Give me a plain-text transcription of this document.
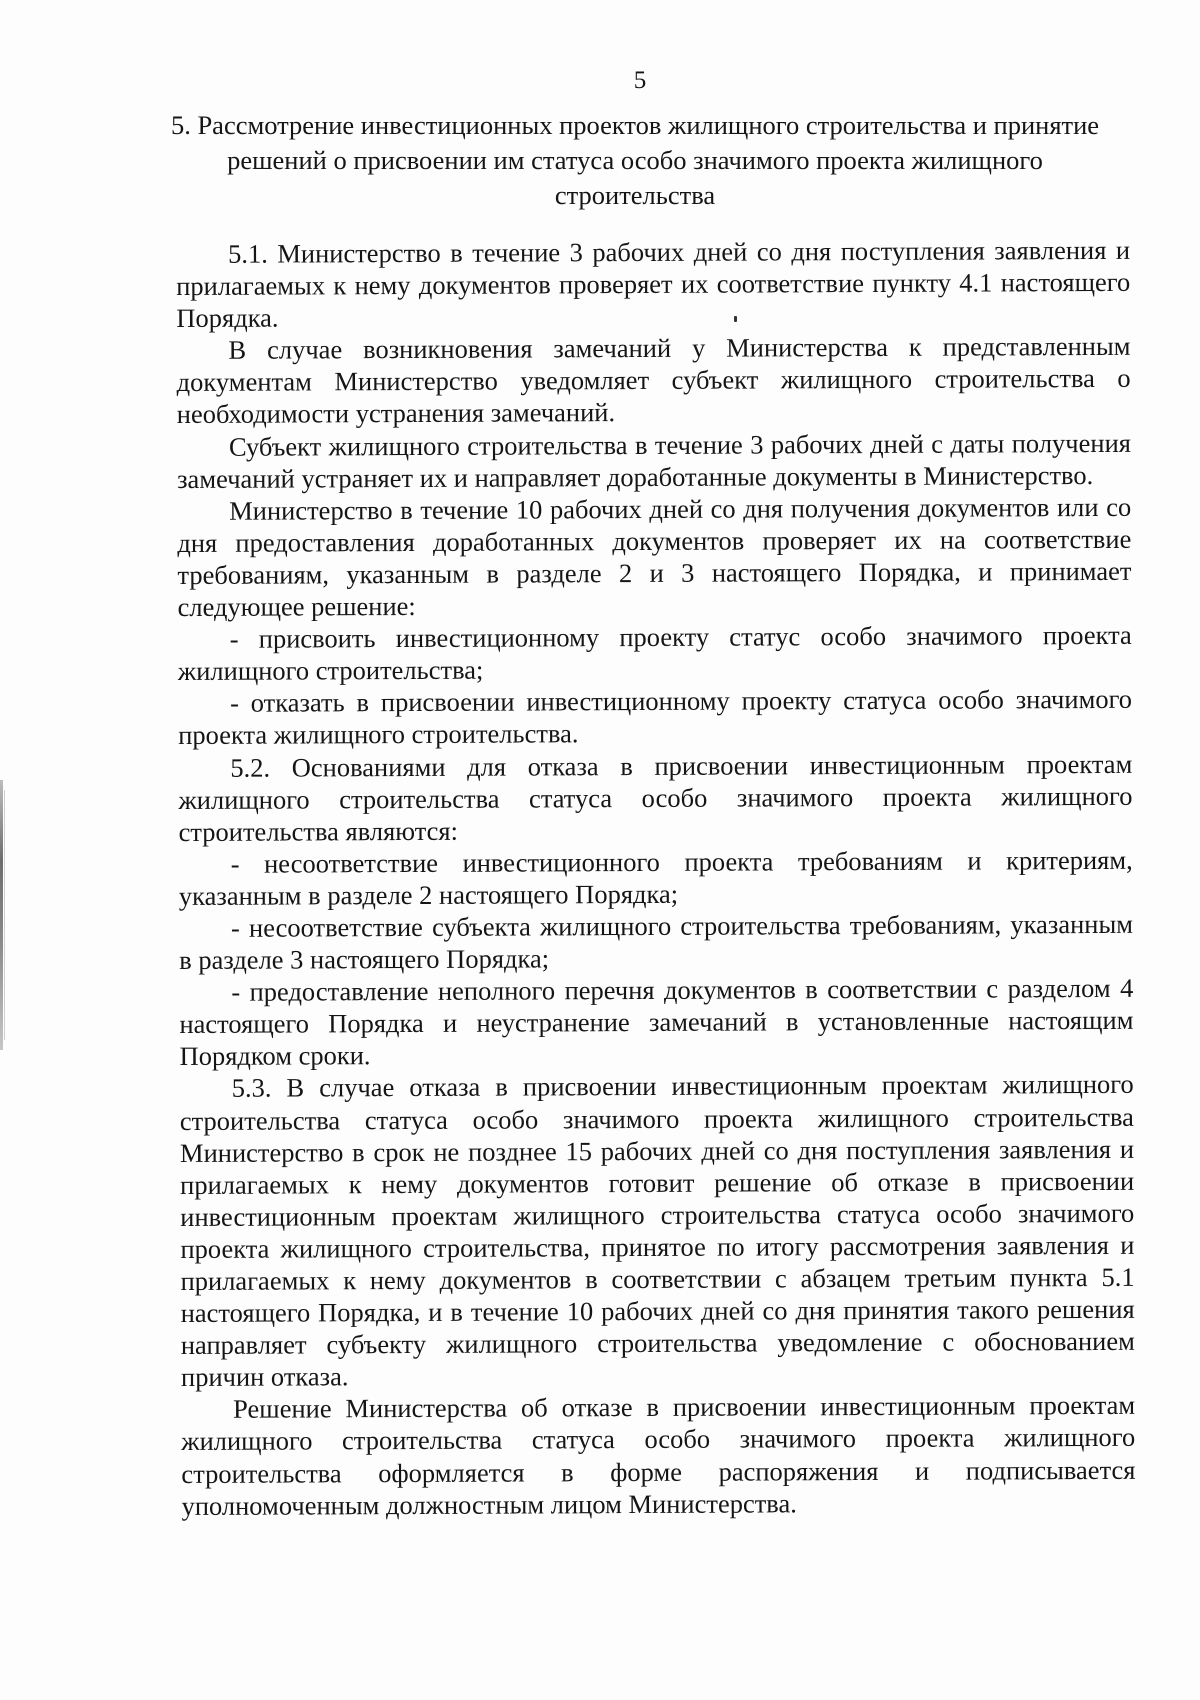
5
5. Рассмотрение инвестиционных проектов жилищного строительства и принятие решений о присвоении им статуса особо значимого проекта жилищного строительства

5.1. Министерство в течение 3 рабочих дней со дня поступления заявления и прилагаемых к нему документов проверяет их соответствие пункту 4.1 настоящего Порядка.

В случае возникновения замечаний у Министерства к представленным документам Министерство уведомляет субъект жилищного строительства о необходимости устранения замечаний.

Субъект жилищного строительства в течение 3 рабочих дней с даты получения замечаний устраняет их и направляет доработанные документы в Министерство.

Министерство в течение 10 рабочих дней со дня получения документов или со дня предоставления доработанных документов проверяет их на соответствие требованиям, указанным в разделе 2 и 3 настоящего Порядка, и принимает следующее решение:

- присвоить инвестиционному проекту статус особо значимого проекта жилищного строительства;

- отказать в присвоении инвестиционному проекту статуса особо значимого проекта жилищного строительства.

5.2. Основаниями для отказа в присвоении инвестиционным проектам жилищного строительства статуса особо значимого проекта жилищного строительства являются:

- несоответствие инвестиционного проекта требованиям и критериям, указанным в разделе 2 настоящего Порядка;

- несоответствие субъекта жилищного строительства требованиям, указанным в разделе 3 настоящего Порядка;

- предоставление неполного перечня документов в соответствии с разделом 4 настоящего Порядка и неустранение замечаний в установленные настоящим Порядком сроки.

5.3. В случае отказа в присвоении инвестиционным проектам жилищного строительства статуса особо значимого проекта жилищного строительства Министерство в срок не позднее 15 рабочих дней со дня поступления заявления и прилагаемых к нему документов готовит решение об отказе в присвоении инвестиционным проектам жилищного строительства статуса особо значимого проекта жилищного строительства, принятое по итогу рассмотрения заявления и прилагаемых к нему документов в соответствии с абзацем третьим пункта 5.1 настоящего Порядка, и в течение 10 рабочих дней со дня принятия такого решения направляет субъекту жилищного строительства уведомление с обоснованием причин отказа.

Решение Министерства об отказе в присвоении инвестиционным проектам жилищного строительства статуса особо значимого проекта жилищного строительства оформляется в форме распоряжения и подписывается уполномоченным должностным лицом Министерства.
